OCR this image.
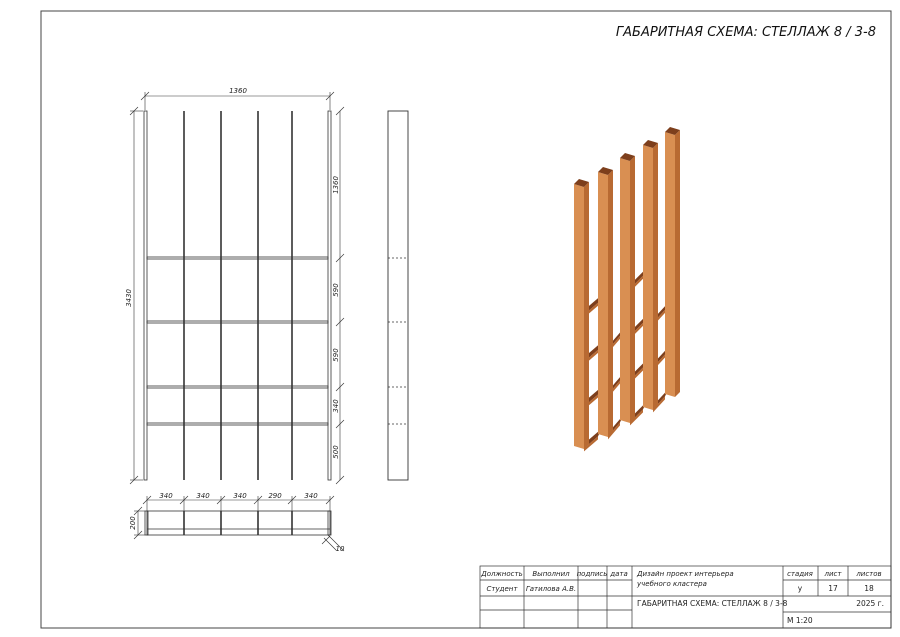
ГАБАРИТНАЯ СХЕМА: СТЕЛЛАЖ 8 / 3-8
1360
3430
1360
590
590
340
500
340	340	340	290	340
200
10
Должность Выполнил подпись дата
Студент Гатилова А.В.
Дизайн проект интерьера
учебного кластера
стадия лист листов
у	17	18
ГАБАРИТНАЯ СХЕМА: СТЕЛЛАЖ 8 / 3-8	2025 г.
М 1:20
